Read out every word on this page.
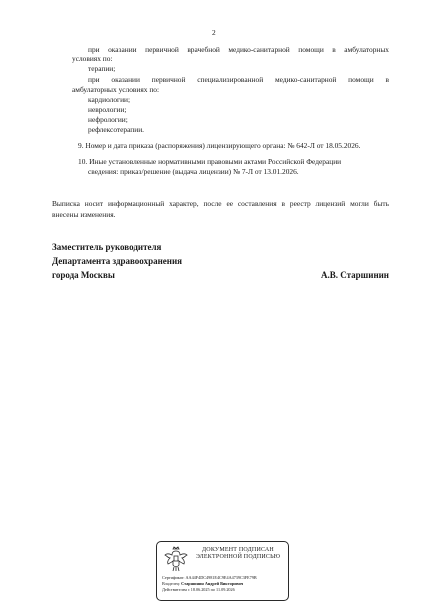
2
при оказании первичной врачебной медико-санитарной помощи в амбулаторных
условиях по:
терапии;
при оказании первичной специализированной медико-санитарной помощи в
амбулаторных условиях по:
кардиологии;
неврологии;
нефрологии;
рефлексотерапии.
9. Номер и дата приказа (распоряжения) лицензирующего органа: № 642-Л от 18.05.2026.
10. Иные установленные нормативными правовыми актами Российской Федерации
сведения: приказ/решение (выдача лицензии) № 7-Л от 13.01.2026.
Выписка носит информационный характер, после ее составления в реестр лицензий могли быть
внесены изменения.
Заместитель руководителя
Департамента здравоохранения
города Москвы	А.В. Старшинин
ДОКУМЕНТ ПОДПИСАН
ЭЛЕКТРОННОЙ ПОДПИСЬЮ
Сертификат: AA44F4DC4981E4C9E4A4739C3FE79B
Владелец: Старшинин Андрей Викторович
Действителен с 18.06.2025 по 11.09.2026
